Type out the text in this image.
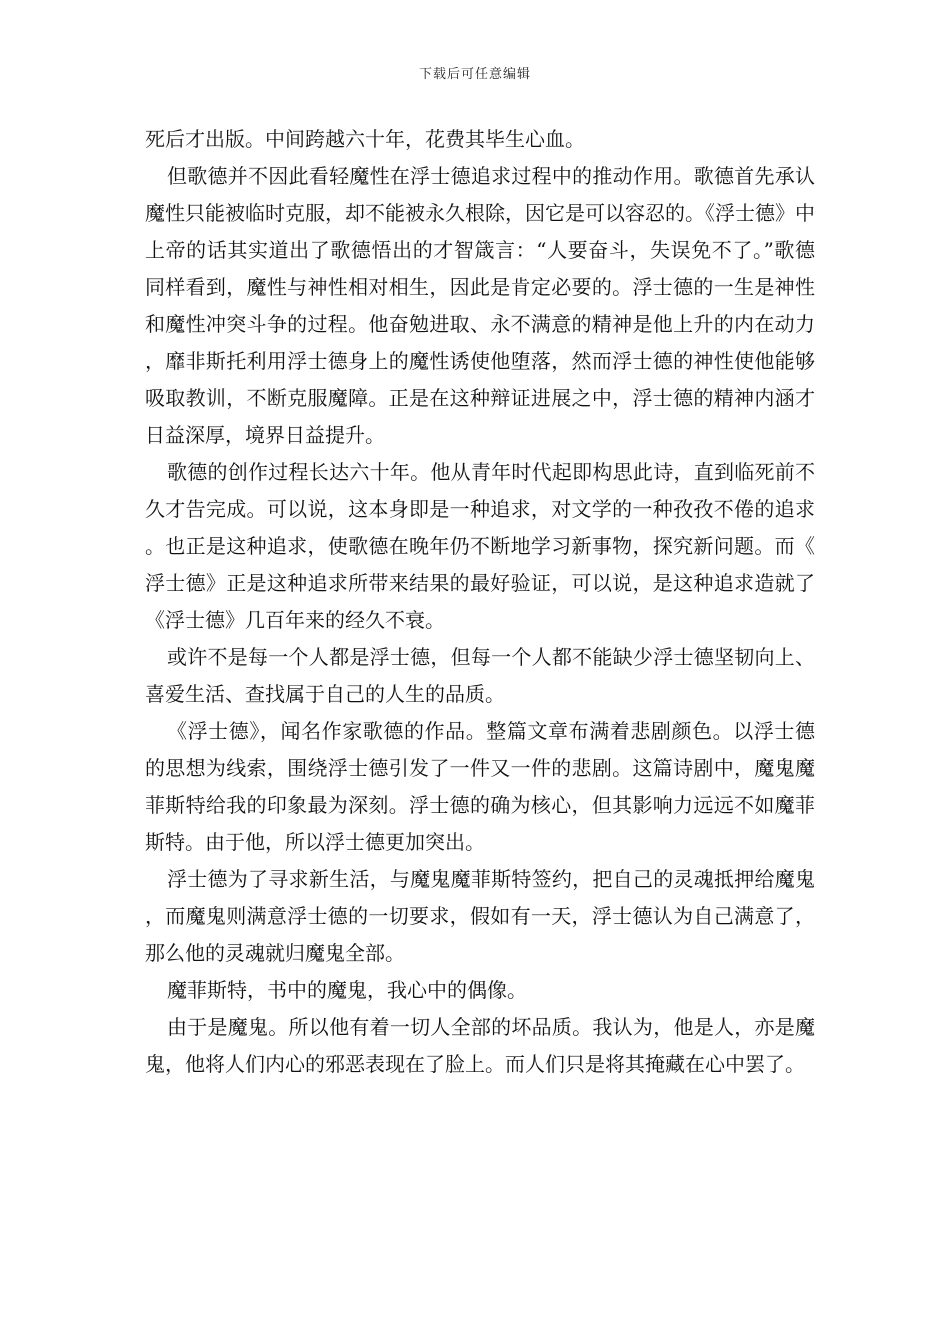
下载后可任意编辑

死后才出版。中间跨越六十年，花费其毕生心血。

但歌德并不因此看轻魔性在浮士德追求过程中的推动作用。歌德首先承认魔性只能被临时克服，却不能被永久根除，因它是可以容忍的。《浮士德》中上帝的话其实道出了歌德悟出的才智箴言：“人要奋斗，失误免不了。”歌德同样看到，魔性与神性相对相生，因此是肯定必要的。浮士德的一生是神性和魔性冲突斗争的过程。他奋勉进取、永不满意的精神是他上升的内在动力，靡非斯托利用浮士德身上的魔性诱使他堕落，然而浮士德的神性使他能够吸取教训，不断克服魔障。正是在这种辩证进展之中，浮士德的精神内涵才日益深厚，境界日益提升。

歌德的创作过程长达六十年。他从青年时代起即构思此诗，直到临死前不久才告完成。可以说，这本身即是一种追求，对文学的一种孜孜不倦的追求。也正是这种追求，使歌德在晚年仍不断地学习新事物，探究新问题。而《浮士德》正是这种追求所带来结果的最好验证，可以说，是这种追求造就了《浮士德》几百年来的经久不衰。

或许不是每一个人都是浮士德，但每一个人都不能缺少浮士德坚韧向上、喜爱生活、查找属于自己的人生的品质。

《浮士德》，闻名作家歌德的作品。整篇文章布满着悲剧颜色。以浮士德的思想为线索，围绕浮士德引发了一件又一件的悲剧。这篇诗剧中，魔鬼魔菲斯特给我的印象最为深刻。浮士德的确为核心，但其影响力远远不如魔菲斯特。由于他，所以浮士德更加突出。

浮士德为了寻求新生活，与魔鬼魔菲斯特签约，把自己的灵魂抵押给魔鬼，而魔鬼则满意浮士德的一切要求，假如有一天，浮士德认为自己满意了，那么他的灵魂就归魔鬼全部。

魔菲斯特，书中的魔鬼，我心中的偶像。

由于是魔鬼。所以他有着一切人全部的坏品质。我认为，他是人，亦是魔鬼，他将人们内心的邪恶表现在了脸上。而人们只是将其掩藏在心中罢了。
